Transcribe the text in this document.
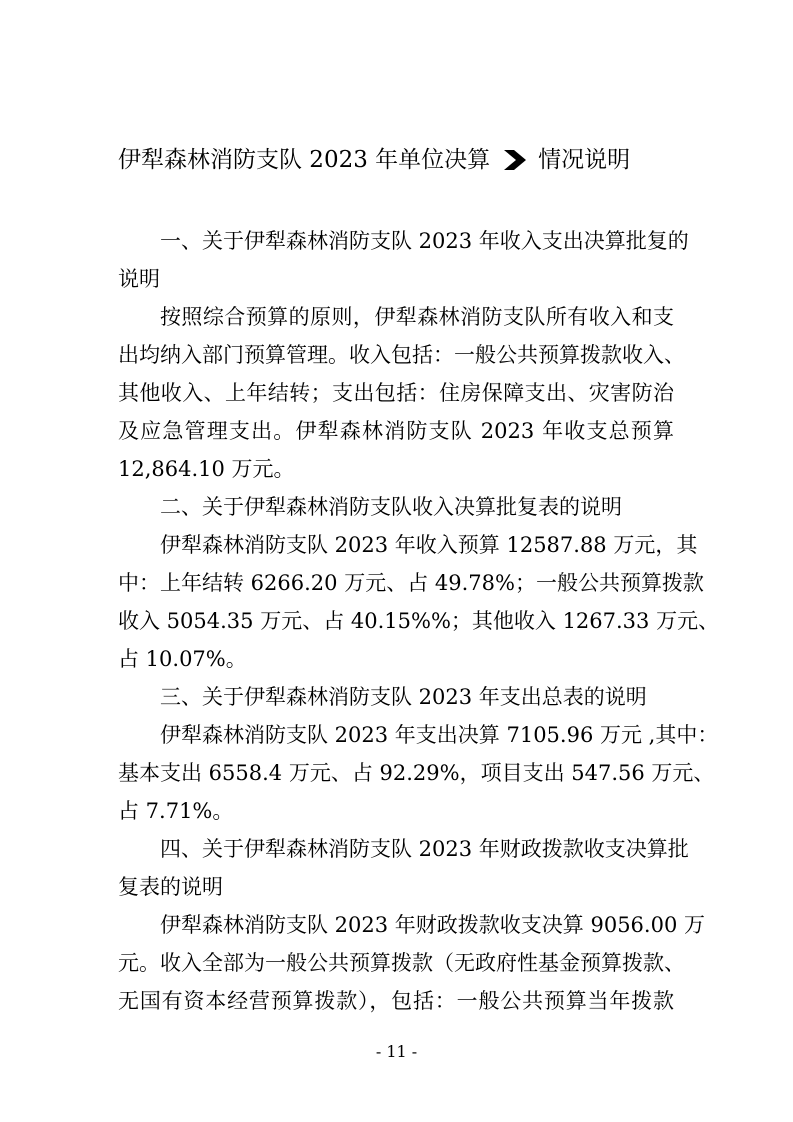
伊犁森林消防支队 2023 年单位决算 情况说明
一、关于伊犁森林消防支队 2023 年收入支出决算批复的
说明
按照综合预算的原则，伊犁森林消防支队所有收入和支
出均纳入部门预算管理。收入包括：一般公共预算拨款收入、
其他收入、上年结转；支出包括：住房保障支出、灾害防治
及应急管理支出。伊犁森林消防支队 2023 年收支总预算
12,864.10 万元。
二、关于伊犁森林消防支队收入决算批复表的说明
伊犁森林消防支队 2023 年收入预算 12587.88 万元，其
中：上年结转 6266.20 万元、占 49.78%；一般公共预算拨款
收入 5054.35 万元、占 40.15%%；其他收入 1267.33 万元、
占 10.07%。
三、关于伊犁森林消防支队 2023 年支出总表的说明
伊犁森林消防支队 2023 年支出决算 7105.96 万元 ,其中：
基本支出 6558.4 万元、占 92.29%，项目支出 547.56 万元、
占 7.71%。
四、关于伊犁森林消防支队 2023 年财政拨款收支决算批
复表的说明
伊犁森林消防支队 2023 年财政拨款收支决算 9056.00 万
元。收入全部为一般公共预算拨款（无政府性基金预算拨款、
无国有资本经营预算拨款），包括：一般公共预算当年拨款
- 11 -
